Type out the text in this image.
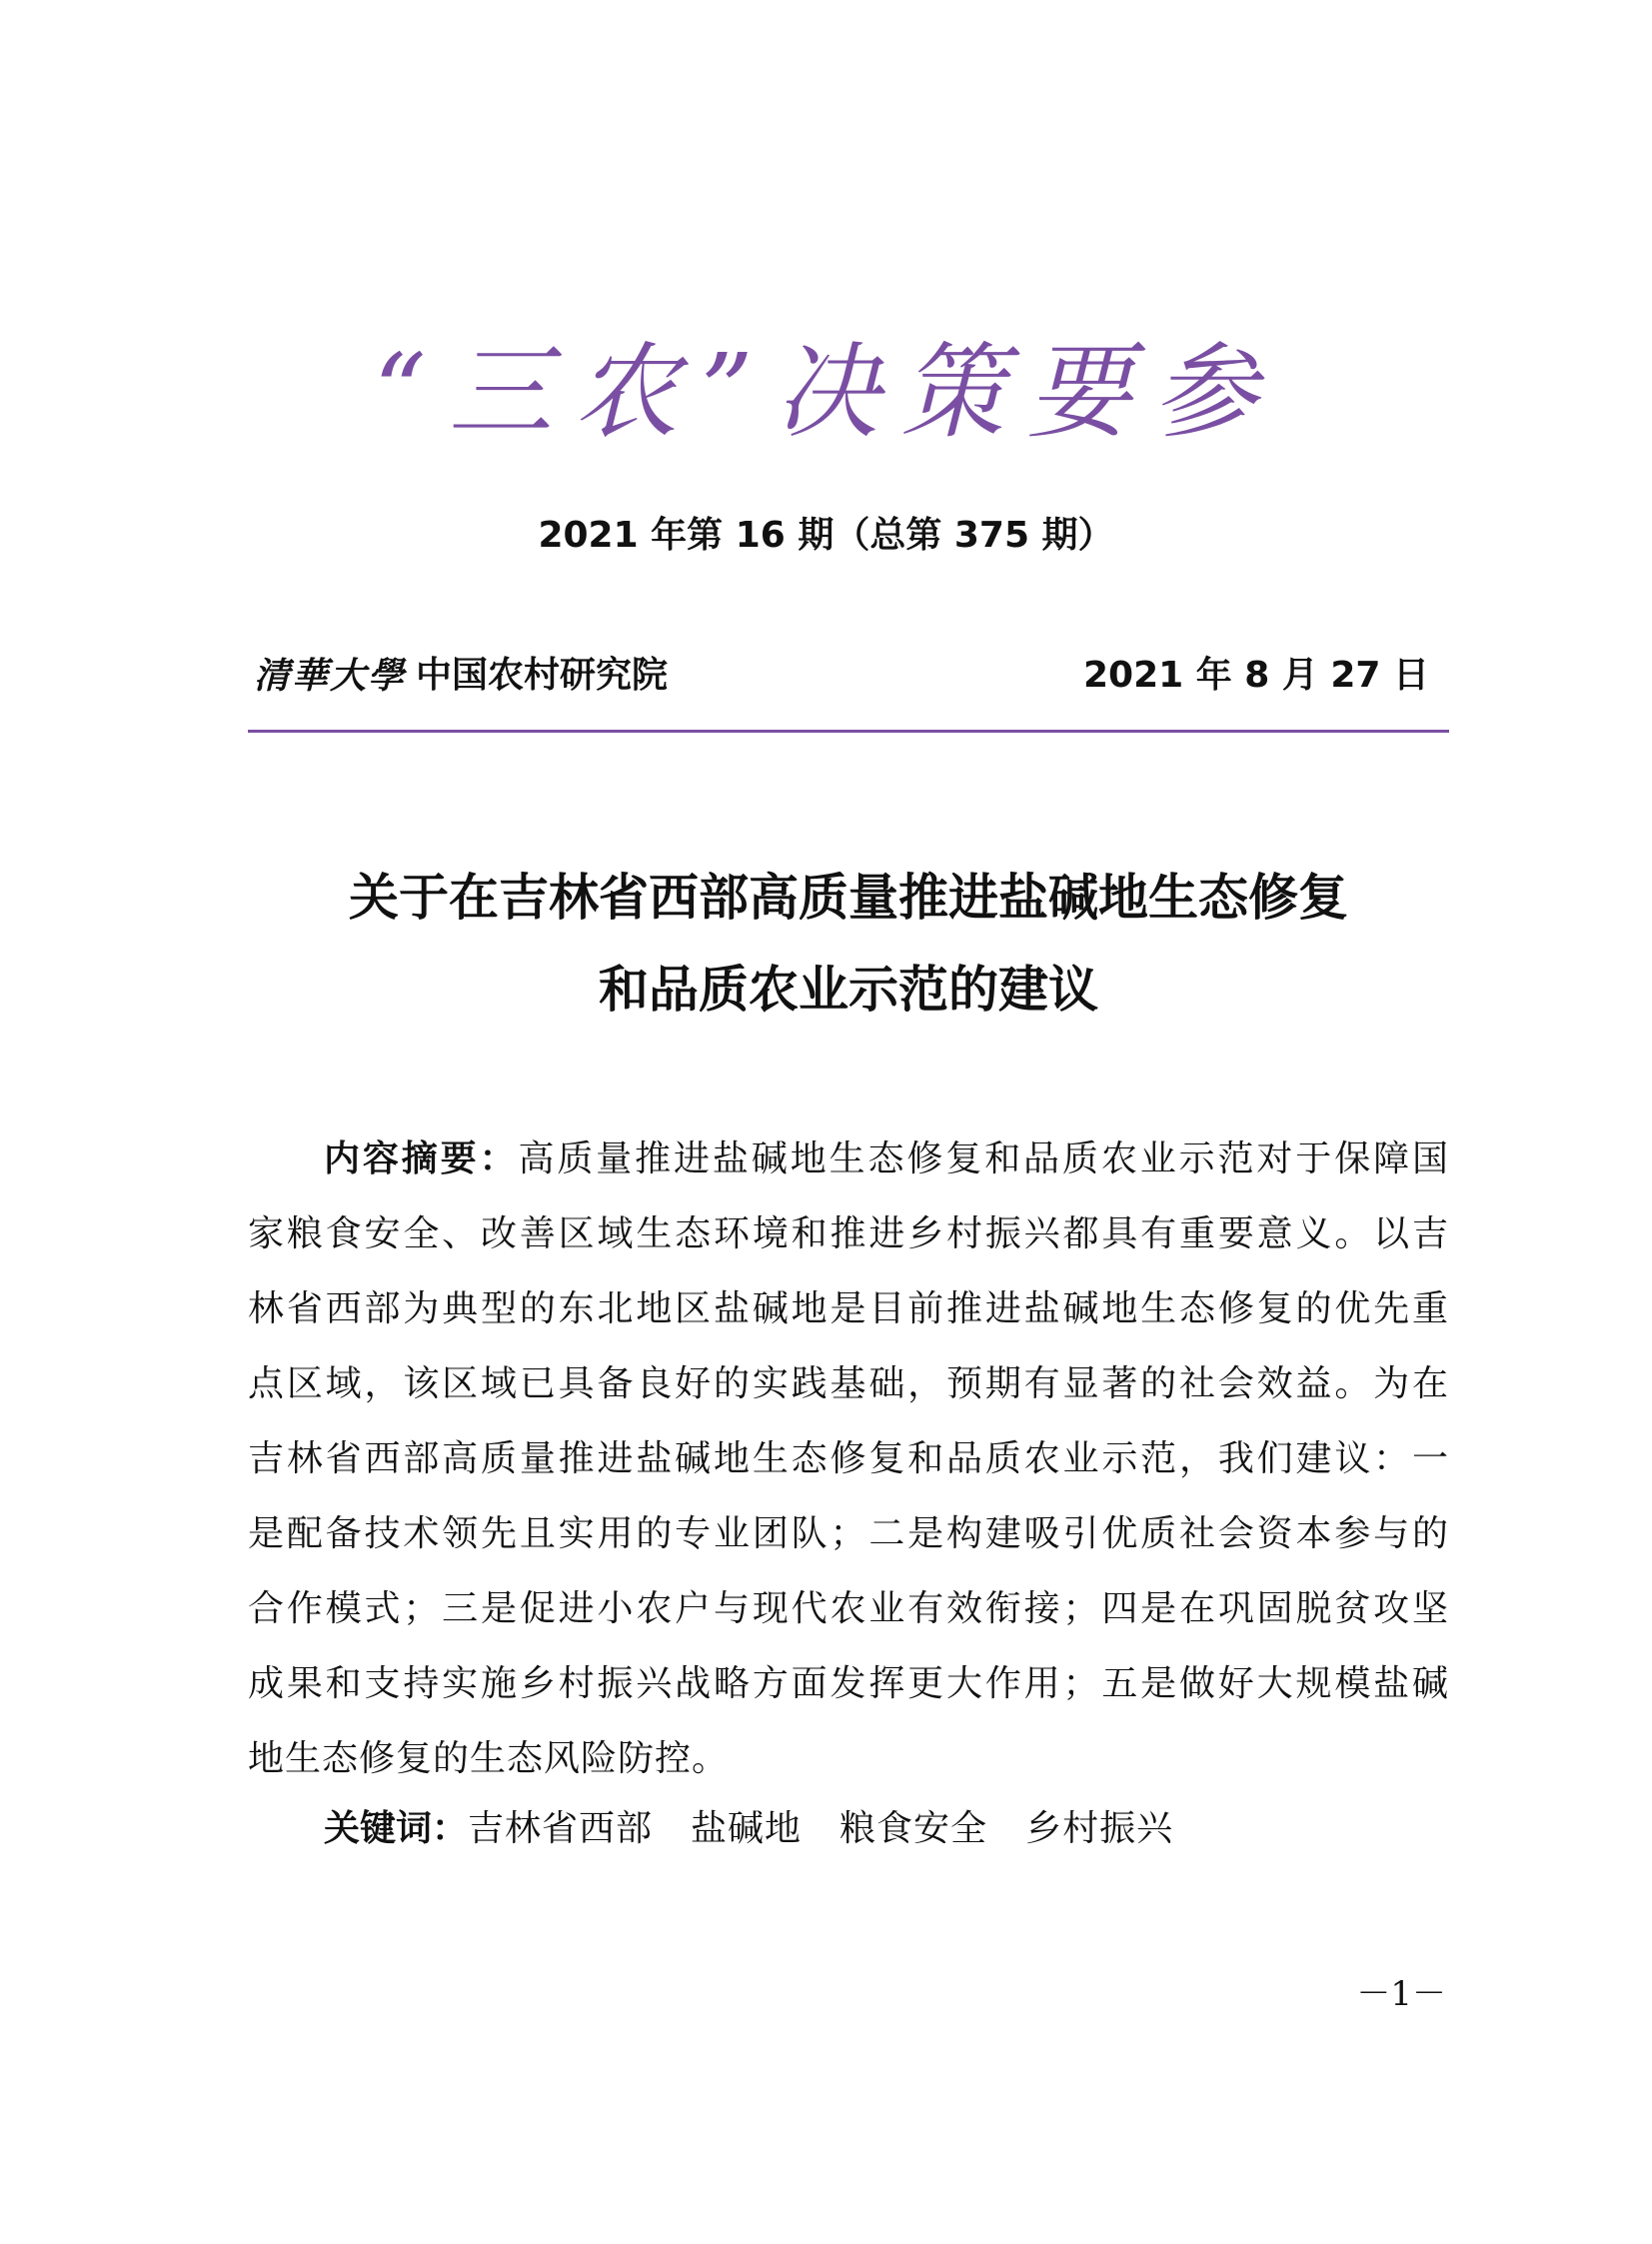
“三农”决策要参
2021 年第 16 期（总第 375 期）
清華大學 中国农村研究院	2021 年 8 月 27 日
关于在吉林省西部高质量推进盐碱地生态修复
和品质农业示范的建议
内容摘要：高质量推进盐碱地生态修复和品质农业示范对于保障国
家粮食安全、改善区域生态环境和推进乡村振兴都具有重要意义。以吉
林省西部为典型的东北地区盐碱地是目前推进盐碱地生态修复的优先重
点区域，该区域已具备良好的实践基础，预期有显著的社会效益。为在
吉林省西部高质量推进盐碱地生态修复和品质农业示范，我们建议：一
是配备技术领先且实用的专业团队；二是构建吸引优质社会资本参与的
合作模式；三是促进小农户与现代农业有效衔接；四是在巩固脱贫攻坚
成果和支持实施乡村振兴战略方面发挥更大作用；五是做好大规模盐碱
地生态修复的生态风险防控。
关键词：吉林省西部 盐碱地 粮食安全 乡村振兴
－1－
